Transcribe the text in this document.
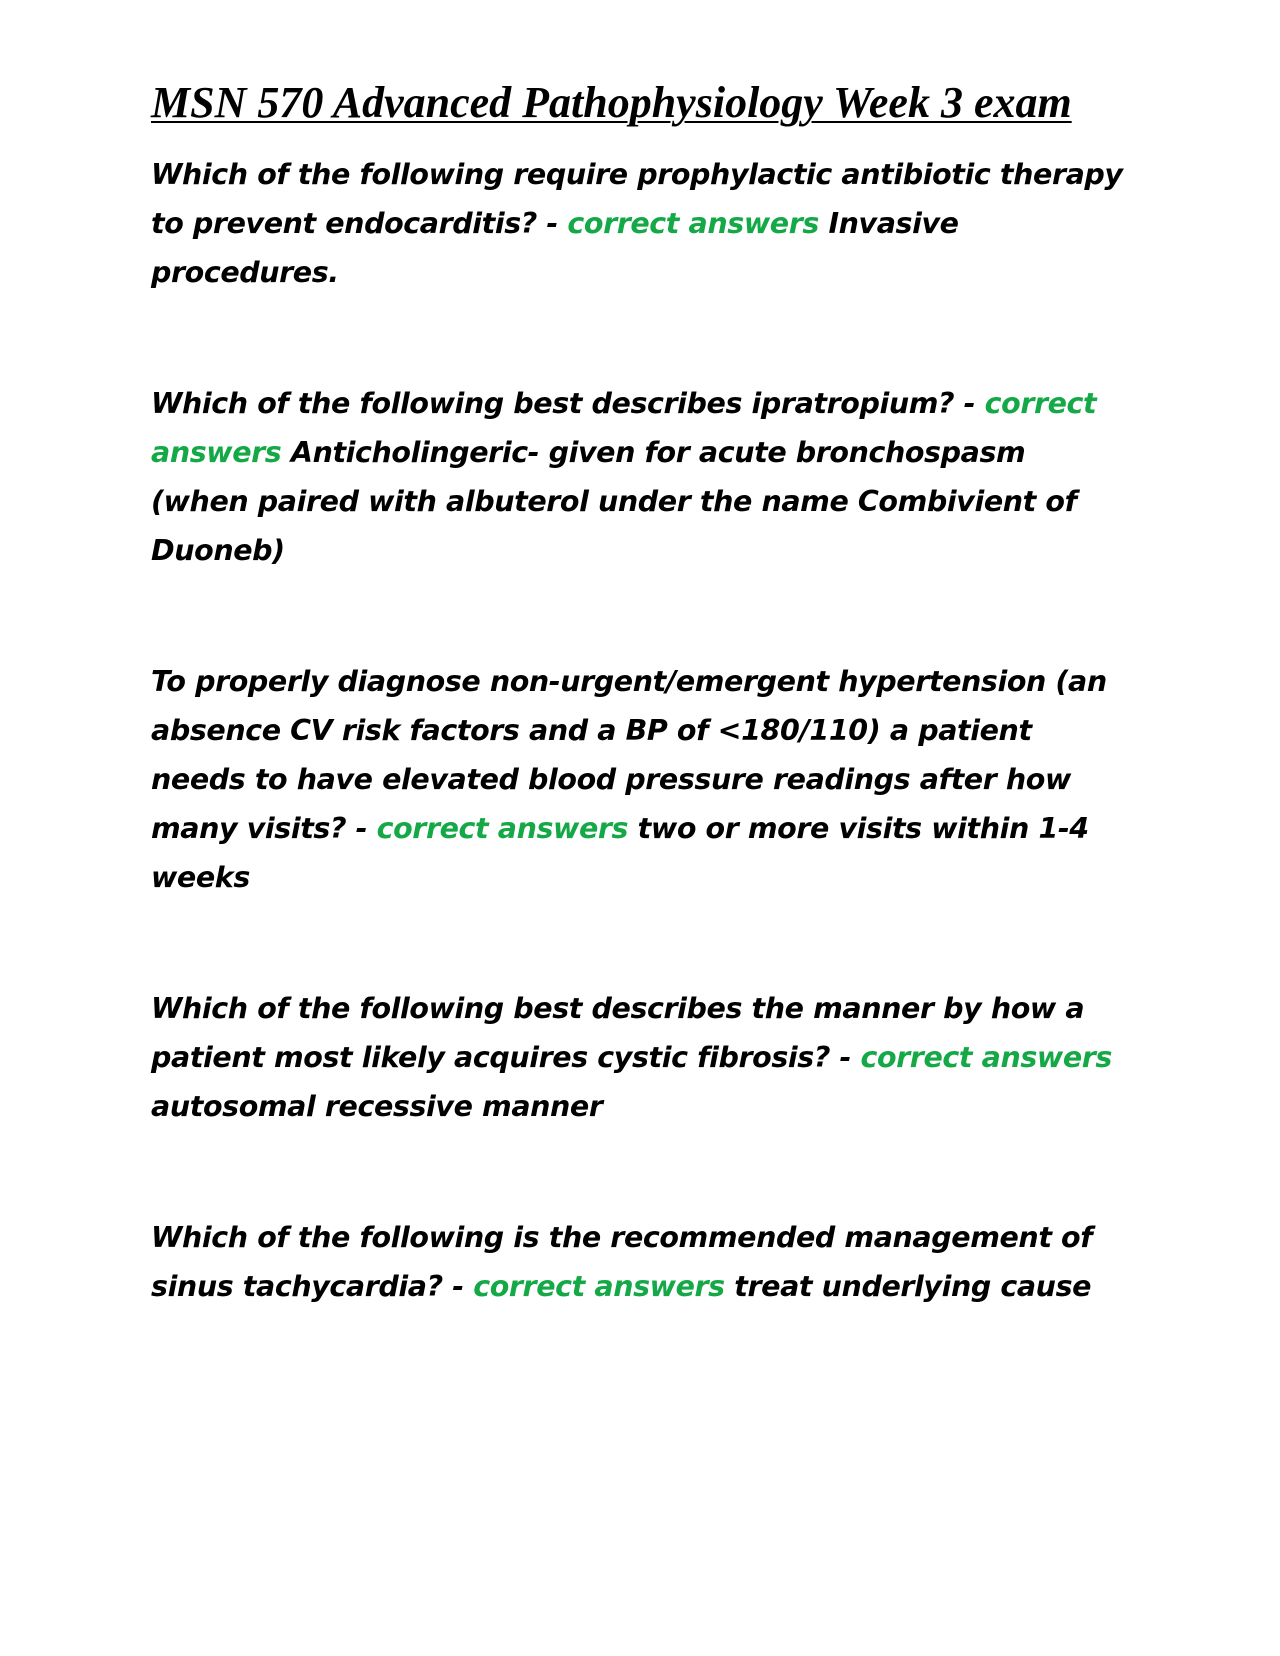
MSN 570 Advanced Pathophysiology Week 3 exam

Which of the following require prophylactic antibiotic therapy to prevent endocarditis? - correct answers Invasive procedures.

Which of the following best describes ipratropium? - correct answers Anticholingeric- given for acute bronchospasm (when paired with albuterol under the name Combivient of Duoneb)

To properly diagnose non-urgent/emergent hypertension (an absence CV risk factors and a BP of <180/110) a patient needs to have elevated blood pressure readings after how many visits? - correct answers two or more visits within 1-4 weeks

Which of the following best describes the manner by how a patient most likely acquires cystic fibrosis? - correct answers autosomal recessive manner

Which of the following is the recommended management of sinus tachycardia? - correct answers treat underlying cause
